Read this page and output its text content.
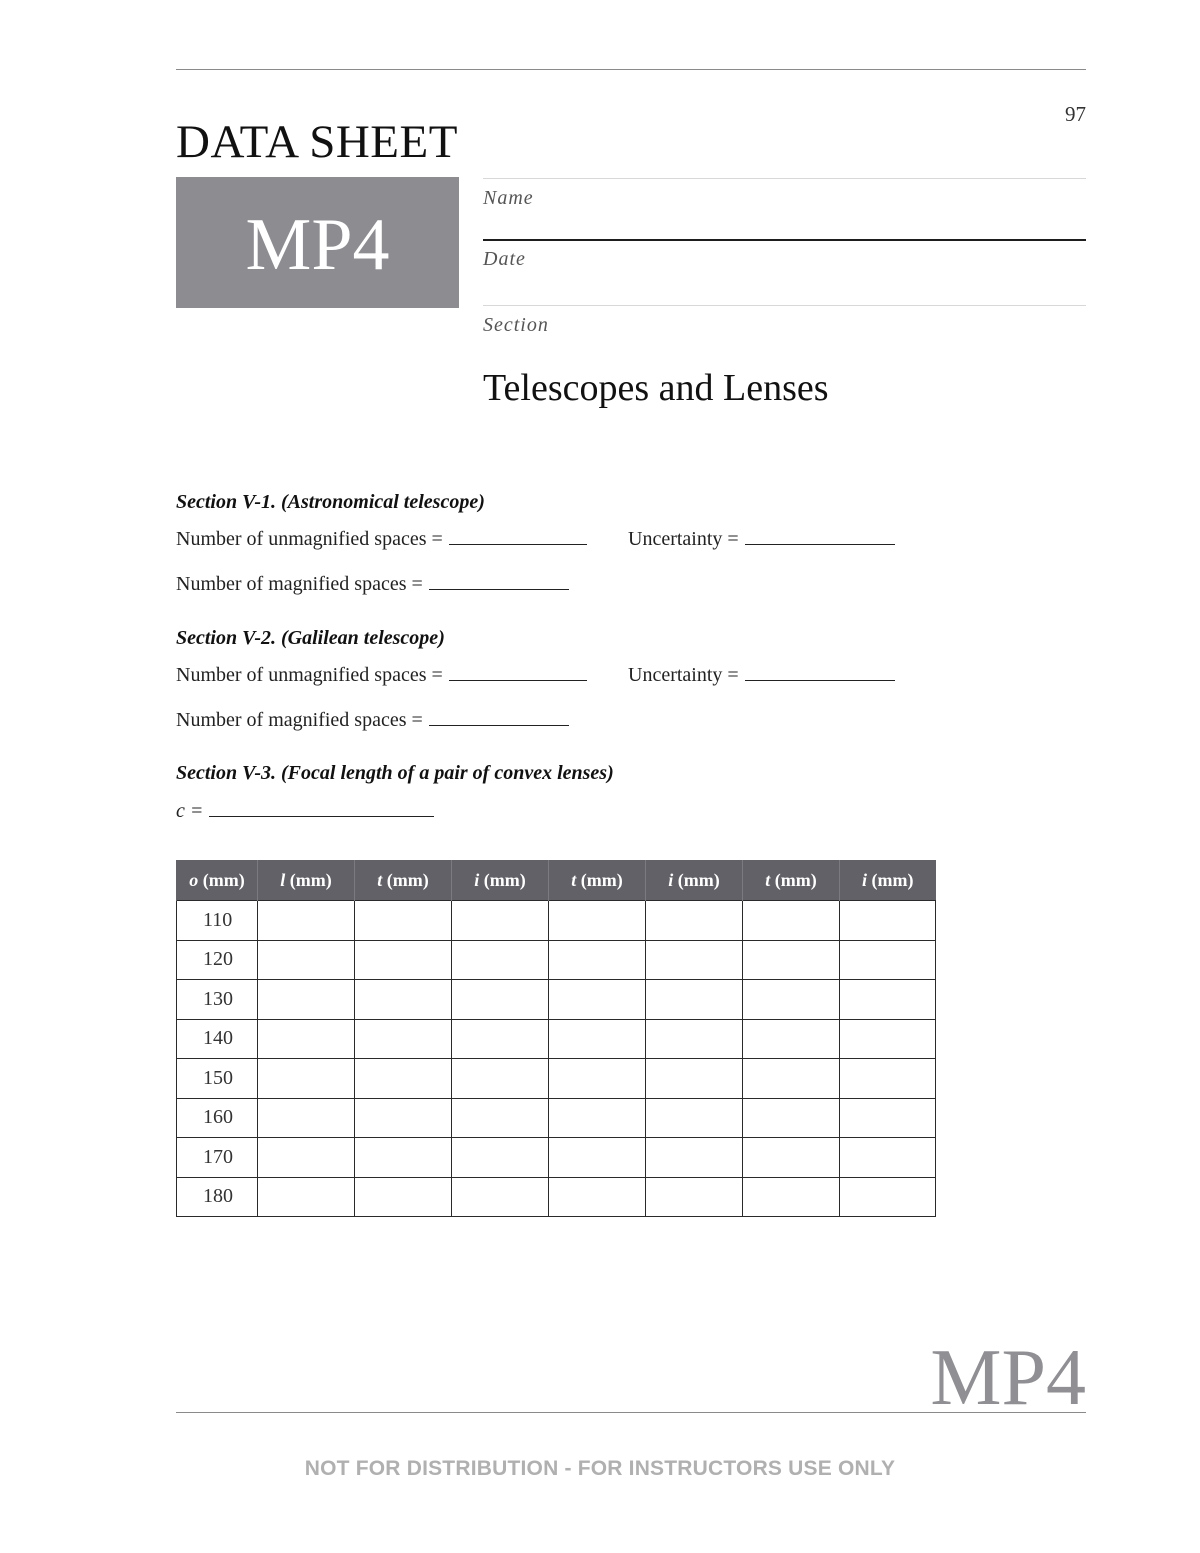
97
DATA SHEET
MP4
Name
Date
Section
Telescopes and Lenses
Section V-1. (Astronomical telescope)
Number of unmagnified spaces =	Uncertainty =
Number of magnified spaces =
Section V-2. (Galilean telescope)
Number of unmagnified spaces =	Uncertainty =
Number of magnified spaces =
Section V-3. (Focal length of a pair of convex lenses)
c =
o (mm)	l (mm)	t (mm)	i (mm)	t (mm)	i (mm)	t (mm)	i (mm)
110							
120							
130							
140							
150							
160							
170							
180							
MP4
NOT FOR DISTRIBUTION - FOR INSTRUCTORS USE ONLY
